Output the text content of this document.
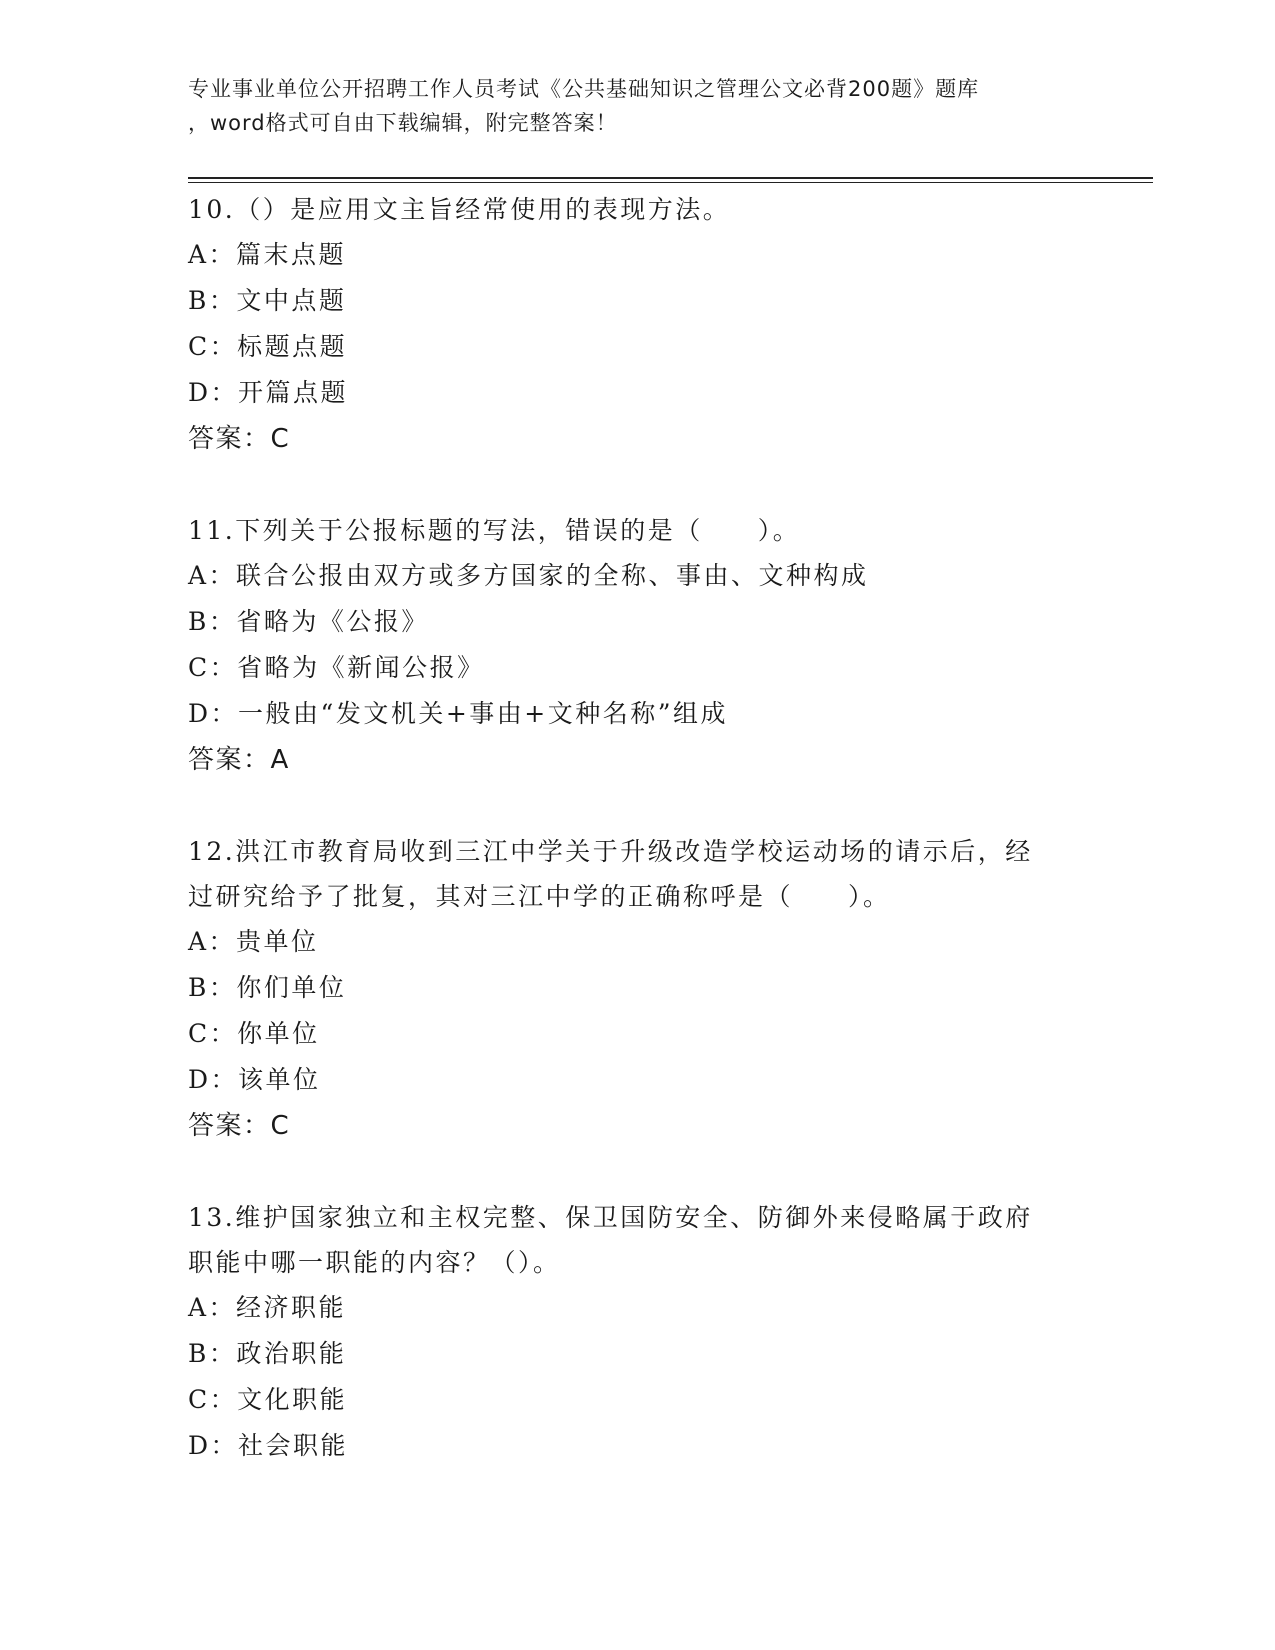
专业事业单位公开招聘工作人员考试《公共基础知识之管理公文必背200题》题库
，word格式可自由下载编辑，附完整答案！
10.（）是应用文主旨经常使用的表现方法。
A：篇末点题
B：文中点题
C：标题点题
D：开篇点题
答案：C
11.下列关于公报标题的写法，错误的是（　　）。
A：联合公报由双方或多方国家的全称、事由、文种构成
B：省略为《公报》
C：省略为《新闻公报》
D：一般由“发文机关+事由+文种名称”组成
答案：A
12.洪江市教育局收到三江中学关于升级改造学校运动场的请示后，经
过研究给予了批复，其对三江中学的正确称呼是（　　）。
A：贵单位
B：你们单位
C：你单位
D：该单位
答案：C
13.维护国家独立和主权完整、保卫国防安全、防御外来侵略属于政府
职能中哪一职能的内容？（）。
A：经济职能
B：政治职能
C：文化职能
D：社会职能
